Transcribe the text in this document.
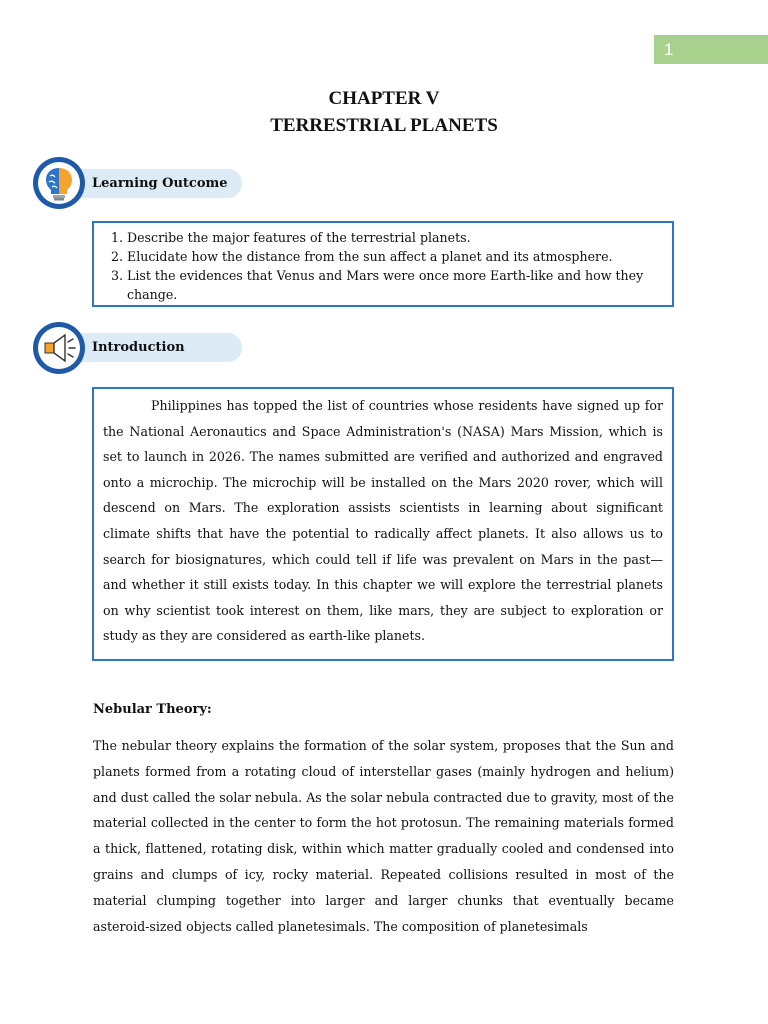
1
CHAPTER V
TERRESTRIAL PLANETS
Learning Outcome
1. Describe the major features of the terrestrial planets.
2. Elucidate how the distance from the sun affect a planet and its atmosphere.
3. List the evidences that Venus and Mars were once more Earth-like and how they change.
Introduction

Philippines has topped the list of countries whose residents have signed up for the National Aeronautics and Space Administration's (NASA) Mars Mission, which is set to launch in 2026. The names submitted are verified and authorized and engraved onto a microchip. The microchip will be installed on the Mars 2020 rover, which will descend on Mars. The exploration assists scientists in learning about significant climate shifts that have the potential to radically affect planets. It also allows us to search for biosignatures, which could tell if life was prevalent on Mars in the past—and whether it still exists today. In this chapter we will explore the terrestrial planets on why scientist took interest on them, like mars, they are subject to exploration or study as they are considered as earth-like planets.

Nebular Theory:

The nebular theory explains the formation of the solar system, proposes that the Sun and planets formed from a rotating cloud of interstellar gases (mainly hydrogen and helium) and dust called the solar nebula. As the solar nebula contracted due to gravity, most of the material collected in the center to form the hot protosun. The remaining materials formed a thick, flattened, rotating disk, within which matter gradually cooled and condensed into grains and clumps of icy, rocky material. Repeated collisions resulted in most of the material clumping together into larger and larger chunks that eventually became asteroid-sized objects called planetesimals. The composition of planetesimals
